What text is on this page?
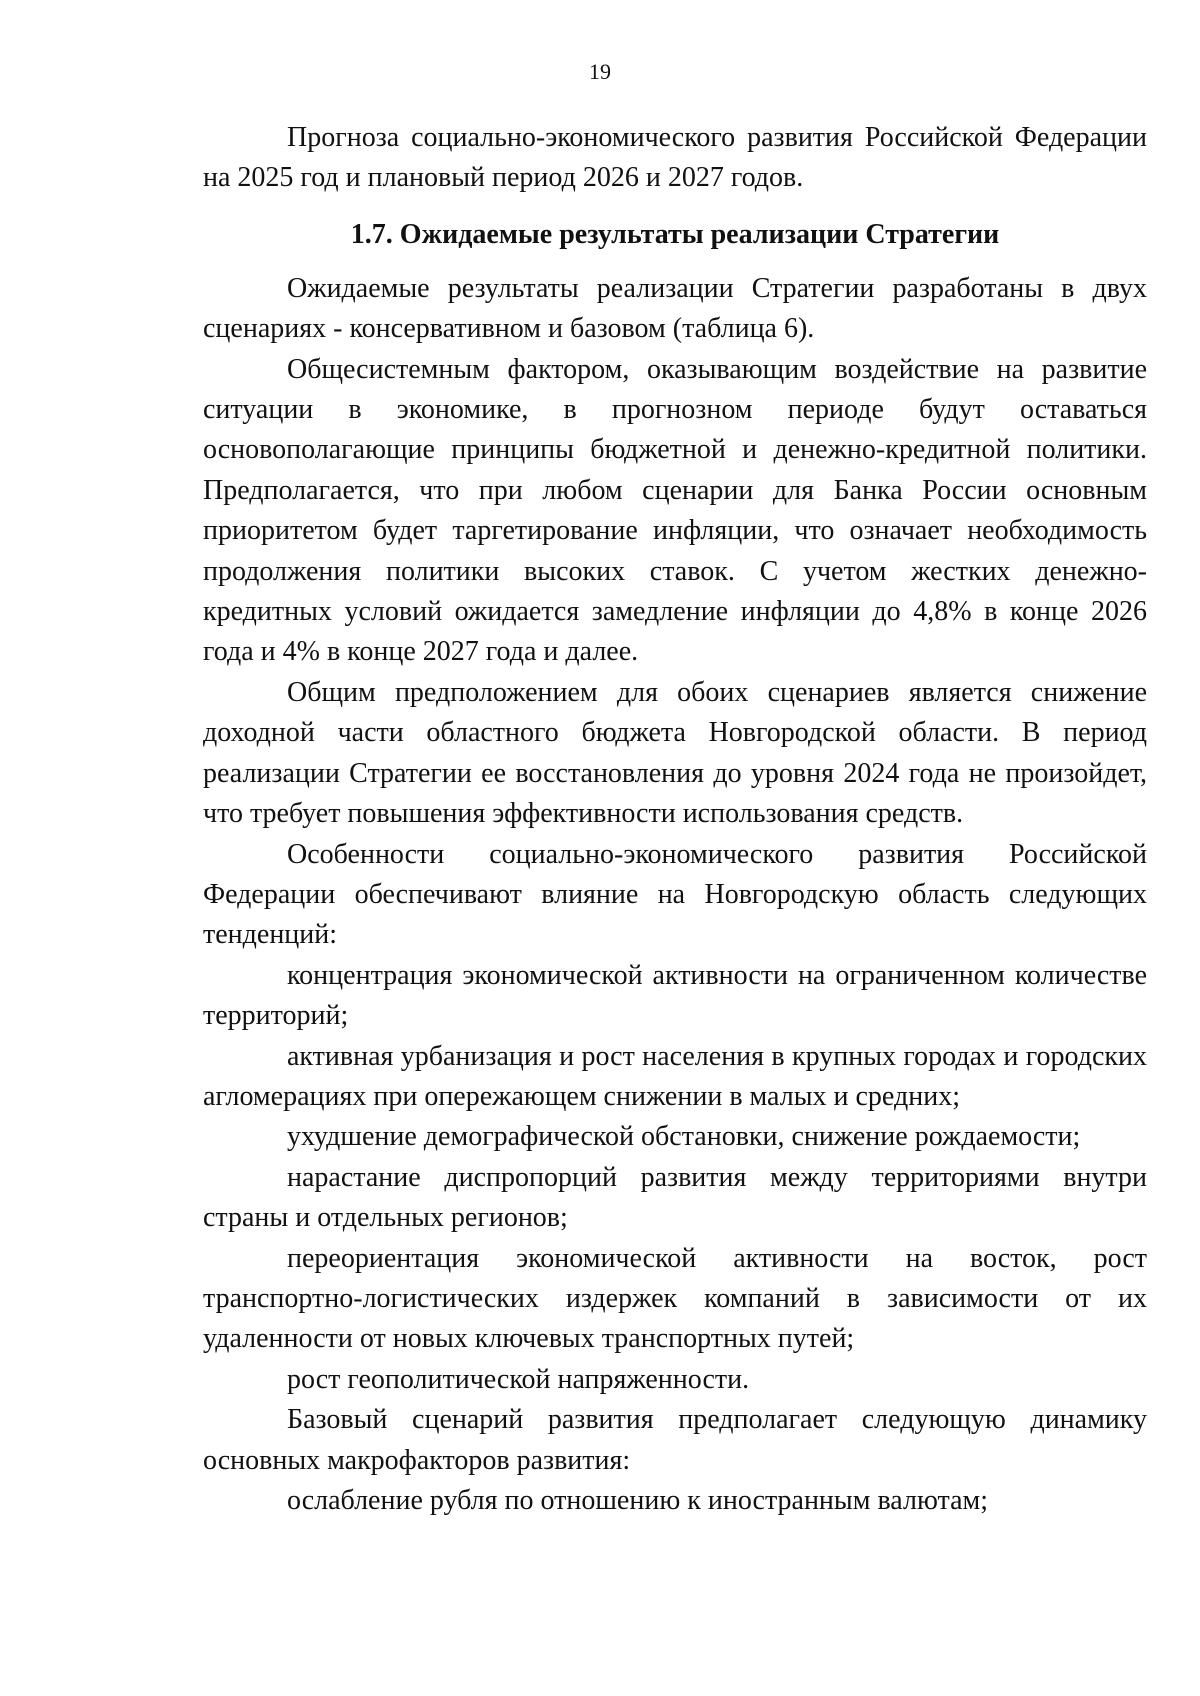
19

Прогноза социально-экономического развития Российской Федерации на 2025 год и плановый период 2026 и 2027 годов.

1.7. Ожидаемые результаты реализации Стратегии

Ожидаемые результаты реализации Стратегии разработаны в двух сценариях - консервативном и базовом (таблица 6).

Общесистемным фактором, оказывающим воздействие на развитие ситуации в экономике, в прогнозном периоде будут оставаться основополагающие принципы бюджетной и денежно-кредитной политики. Предполагается, что при любом сценарии для Банка России основным приоритетом будет таргетирование инфляции, что означает необходимость продолжения политики высоких ставок. С учетом жестких денежно-кредитных условий ожидается замедление инфляции до 4,8% в конце 2026 года и 4% в конце 2027 года и далее.

Общим предположением для обоих сценариев является снижение доходной части областного бюджета Новгородской области. В период реализации Стратегии ее восстановления до уровня 2024 года не произойдет, что требует повышения эффективности использования средств.

Особенности социально-экономического развития Российской Федерации обеспечивают влияние на Новгородскую область следующих тенденций:

концентрация экономической активности на ограниченном количестве территорий;

активная урбанизация и рост населения в крупных городах и городских агломерациях при опережающем снижении в малых и средних;

ухудшение демографической обстановки, снижение рождаемости;

нарастание диспропорций развития между территориями внутри страны и отдельных регионов;

переориентация экономической активности на восток, рост транспортно-логистических издержек компаний в зависимости от их удаленности от новых ключевых транспортных путей;

рост геополитической напряженности.

Базовый сценарий развития предполагает следующую динамику основных макрофакторов развития:

ослабление рубля по отношению к иностранным валютам;
